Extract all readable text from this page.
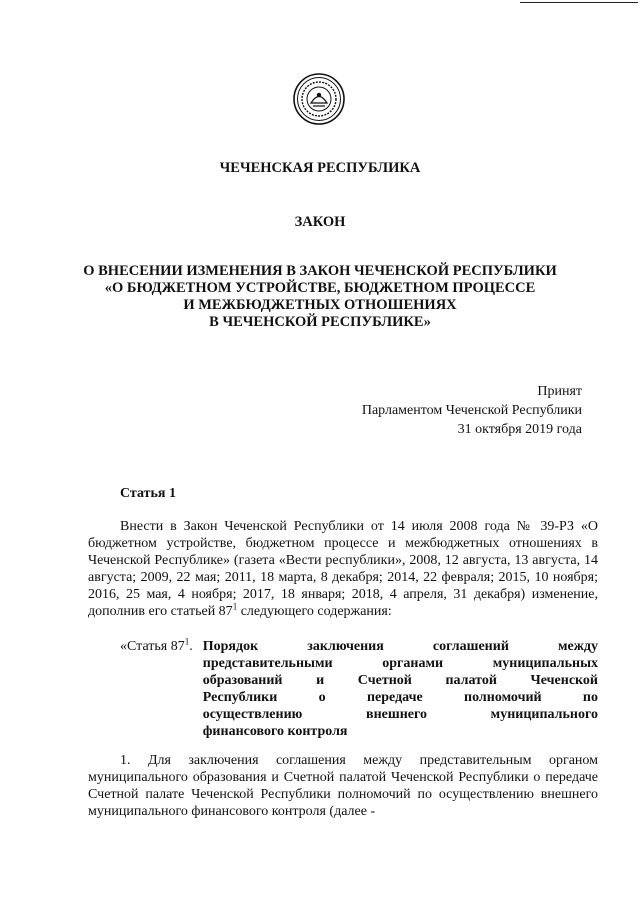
ЧЕЧЕНСКАЯ РЕСПУБЛИКА
ЗАКОН
О ВНЕСЕНИИ ИЗМЕНЕНИЯ В ЗАКОН ЧЕЧЕНСКОЙ РЕСПУБЛИКИ
«О БЮДЖЕТНОМ УСТРОЙСТВЕ, БЮДЖЕТНОМ ПРОЦЕССЕ
И МЕЖБЮДЖЕТНЫХ ОТНОШЕНИЯХ
В ЧЕЧЕНСКОЙ РЕСПУБЛИКЕ»
Принят
Парламентом Чеченской Республики
31 октября 2019 года
Статья 1

Внести в Закон Чеченской Республики от 14 июля 2008 года № 39-РЗ «О бюджетном устройстве, бюджетном процессе и межбюджетных отношениях в Чеченской Республике» (газета «Вести республики», 2008, 12 августа, 13 августа, 14 августа; 2009, 22 мая; 2011, 18 марта, 8 декабря; 2014, 22 февраля; 2015, 10 ноября; 2016, 25 мая, 4 ноября; 2017, 18 января; 2018, 4 апреля, 31 декабря) изменение, дополнив его статьей $87^1$ следующего содержания:

«Статья $87^1$. Порядок заключения соглашений между
представительными органами муниципальных
образований и Счетной палатой Чеченской
Республики о передаче полномочий по
осуществлению внешнего муниципального
финансового контроля

1. Для заключения соглашения между представительным органом муниципального образования и Счетной палатой Чеченской Республики о передаче Счетной палате Чеченской Республики полномочий по осуществлению внешнего муниципального финансового контроля (далее -
